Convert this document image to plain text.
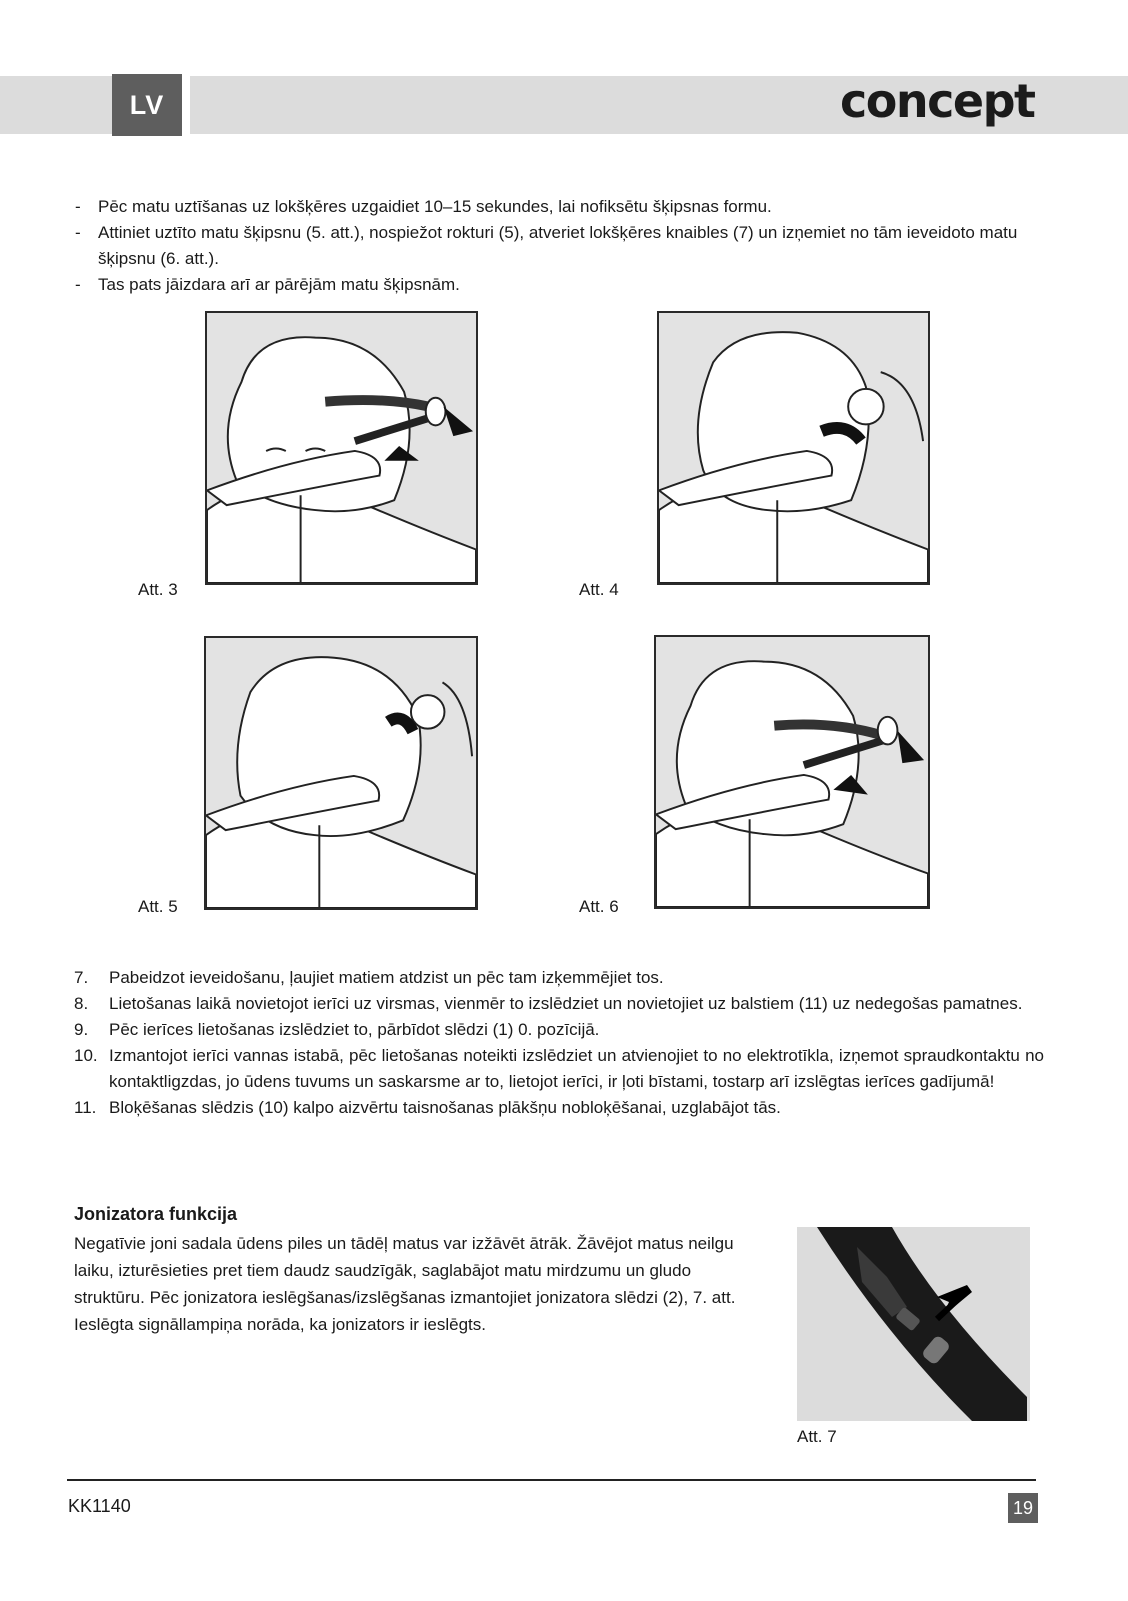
LV	concept
- Pēc matu uztīšanas uz lokšķēres uzgaidiet 10–15 sekundes, lai nofiksētu šķipsnas formu.
- Attiniet uztīto matu šķipsnu (5. att.), nospiežot rokturi (5), atveriet lokšķēres knaibles (7) un izņemiet no tām ieveidoto matu šķipsnu (6. att.).
- Tas pats jāizdara arī ar pārējām matu šķipsnām.
Att. 3	Att. 4
Att. 5	Att. 6
7. Pabeidzot ieveidošanu, ļaujiet matiem atdzist un pēc tam izķemmējiet tos.
8. Lietošanas laikā novietojot ierīci uz virsmas, vienmēr to izslēdziet un novietojiet uz balstiem (11) uz nedegošas pamatnes.
9. Pēc ierīces lietošanas izslēdziet to, pārbīdot slēdzi (1) 0. pozīcijā.
10. Izmantojot ierīci vannas istabā, pēc lietošanas noteikti izslēdziet un atvienojiet to no elektrotīkla, izņemot spraudkontaktu no kontaktligzdas, jo ūdens tuvums un saskarsme ar to, lietojot ierīci, ir ļoti bīstami, tostarp arī izslēgtas ierīces gadījumā!
11. Bloķēšanas slēdzis (10) kalpo aizvērtu taisnošanas plākšņu nobloķēšanai, uzglabājot tās.
Jonizatora funkcija
Negatīvie joni sadala ūdens piles un tādēļ matus var izžāvēt ātrāk. Žāvējot matus neilgu laiku, izturēsieties pret tiem daudz saudzīgāk, saglabājot matu mirdzumu un gludo struktūru. Pēc jonizatora ieslēgšanas/izslēgšanas izmantojiet jonizatora slēdzi (2), 7. att. Ieslēgta signāllampiņa norāda, ka jonizators ir ieslēgts.
Att. 7
KK1140	19
